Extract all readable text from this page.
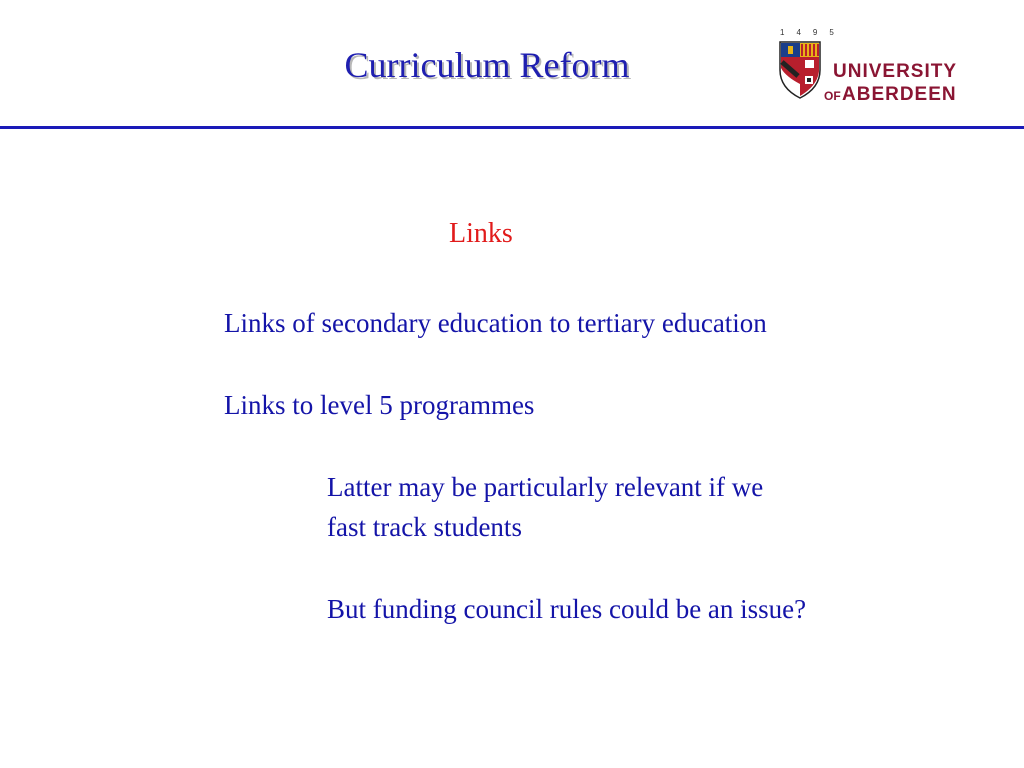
Curriculum Reform
1495
UNIVERSITY
OF ABERDEEN
Links
Links of secondary education to tertiary education
Links to level 5 programmes
Latter may be particularly relevant if we
fast track students
But funding council rules could be an issue?
